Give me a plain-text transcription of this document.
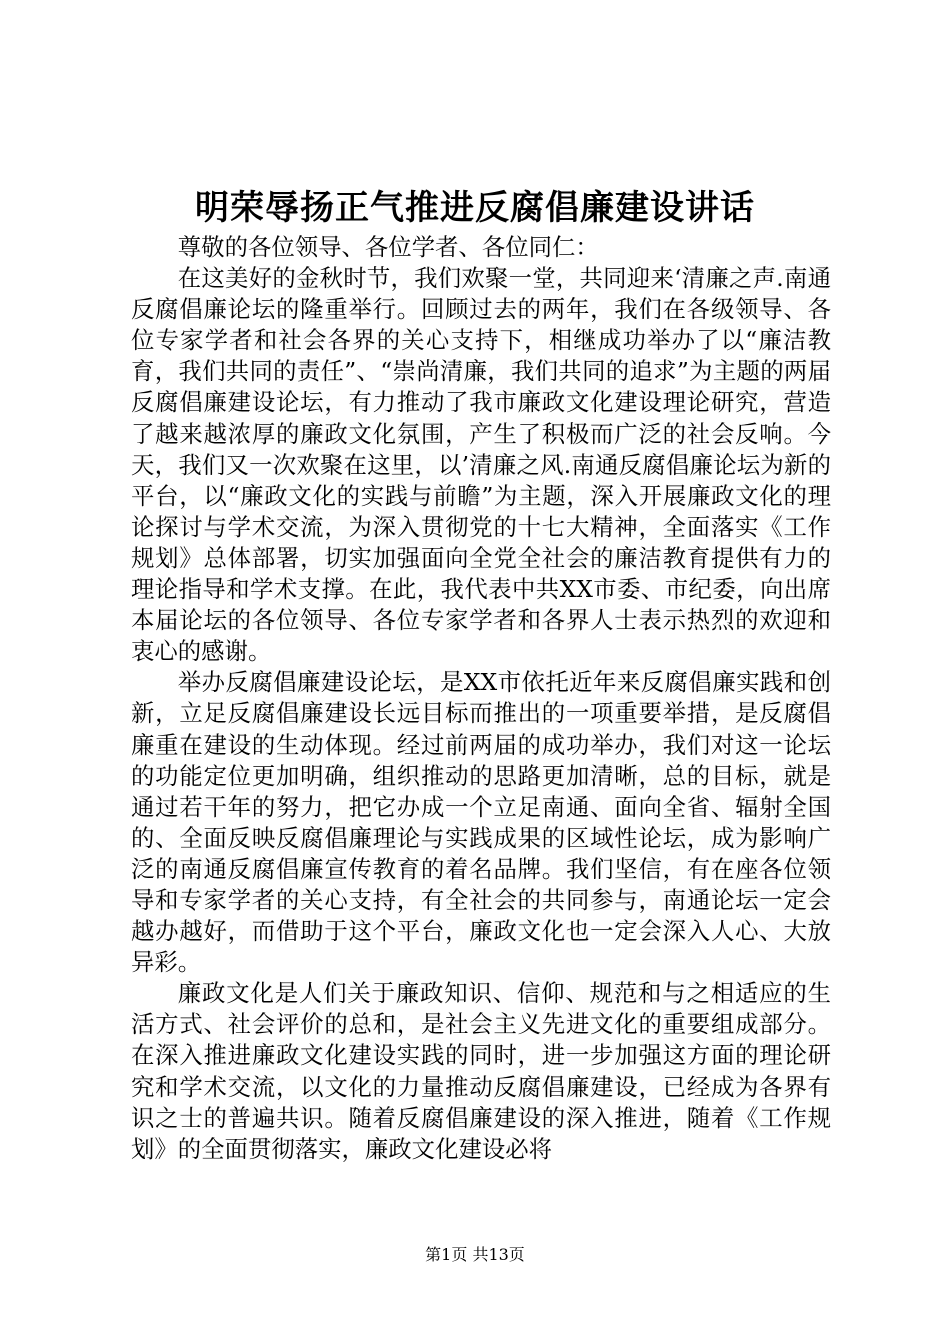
明荣辱扬正气推进反腐倡廉建设讲话

尊敬的各位领导、各位学者、各位同仁：

在这美好的金秋时节，我们欢聚一堂，共同迎来‘清廉之声.南通反腐倡廉论坛的隆重举行。回顾过去的两年，我们在各级领导、各位专家学者和社会各界的关心支持下，相继成功举办了以“廉洁教育，我们共同的责任”、“崇尚清廉，我们共同的追求”为主题的两届反腐倡廉建设论坛，有力推动了我市廉政文化建设理论研究，营造了越来越浓厚的廉政文化氛围，产生了积极而广泛的社会反响。今天，我们又一次欢聚在这里，以’清廉之风.南通反腐倡廉论坛为新的平台，以“廉政文化的实践与前瞻”为主题，深入开展廉政文化的理论探讨与学术交流，为深入贯彻党的十七大精神，全面落实《工作规划》总体部署，切实加强面向全党全社会的廉洁教育提供有力的理论指导和学术支撑。在此，我代表中共XX市委、市纪委，向出席本届论坛的各位领导、各位专家学者和各界人士表示热烈的欢迎和衷心的感谢。

举办反腐倡廉建设论坛，是XX市依托近年来反腐倡廉实践和创新，立足反腐倡廉建设长远目标而推出的一项重要举措，是反腐倡廉重在建设的生动体现。经过前两届的成功举办，我们对这一论坛的功能定位更加明确，组织推动的思路更加清晰，总的目标，就是通过若干年的努力，把它办成一个立足南通、面向全省、辐射全国的、全面反映反腐倡廉理论与实践成果的区域性论坛，成为影响广泛的南通反腐倡廉宣传教育的着名品牌。我们坚信，有在座各位领导和专家学者的关心支持，有全社会的共同参与，南通论坛一定会越办越好，而借助于这个平台，廉政文化也一定会深入人心、大放异彩。

廉政文化是人们关于廉政知识、信仰、规范和与之相适应的生活方式、社会评价的总和，是社会主义先进文化的重要组成部分。在深入推进廉政文化建设实践的同时，进一步加强这方面的理论研究和学术交流，以文化的力量推动反腐倡廉建设，已经成为各界有识之士的普遍共识。随着反腐倡廉建设的深入推进，随着《工作规划》的全面贯彻落实，廉政文化建设必将

第1页 共13页
